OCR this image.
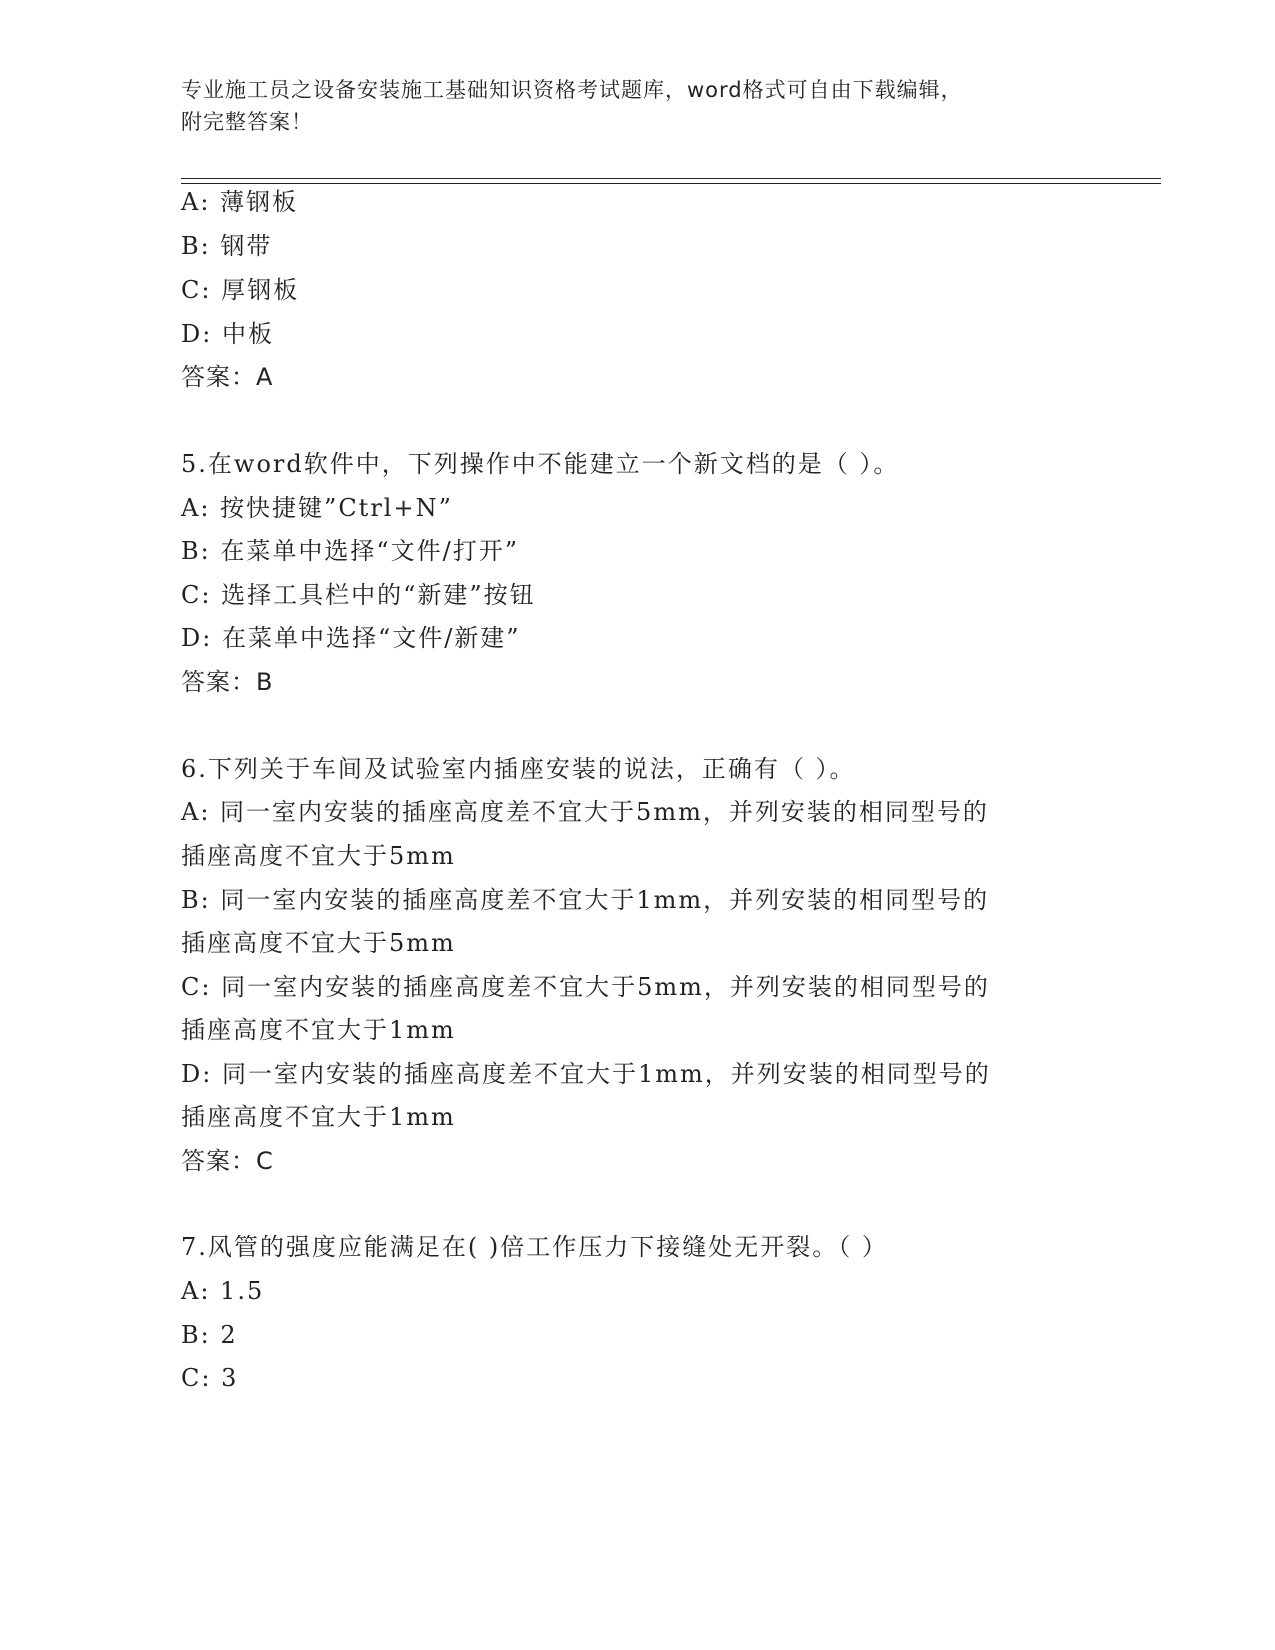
专业施工员之设备安装施工基础知识资格考试题库，word格式可自由下载编辑，
附完整答案！
A: 薄钢板
B: 钢带
C: 厚钢板
D: 中板
答案：A
5.在word软件中，下列操作中不能建立一个新文档的是（ ）。
A: 按快捷键”Ctrl+N”
B: 在菜单中选择“文件/打开”
C: 选择工具栏中的“新建”按钮
D: 在菜单中选择“文件/新建”
答案：B
6.下列关于车间及试验室内插座安装的说法，正确有（ ）。
A: 同一室内安装的插座高度差不宜大于5mm，并列安装的相同型号的
插座高度不宜大于5mm
B: 同一室内安装的插座高度差不宜大于1mm，并列安装的相同型号的
插座高度不宜大于5mm
C: 同一室内安装的插座高度差不宜大于5mm，并列安装的相同型号的
插座高度不宜大于1mm
D: 同一室内安装的插座高度差不宜大于1mm，并列安装的相同型号的
插座高度不宜大于1mm
答案：C
7.风管的强度应能满足在( )倍工作压力下接缝处无开裂。（ ）
A: 1.5
B: 2
C: 3
